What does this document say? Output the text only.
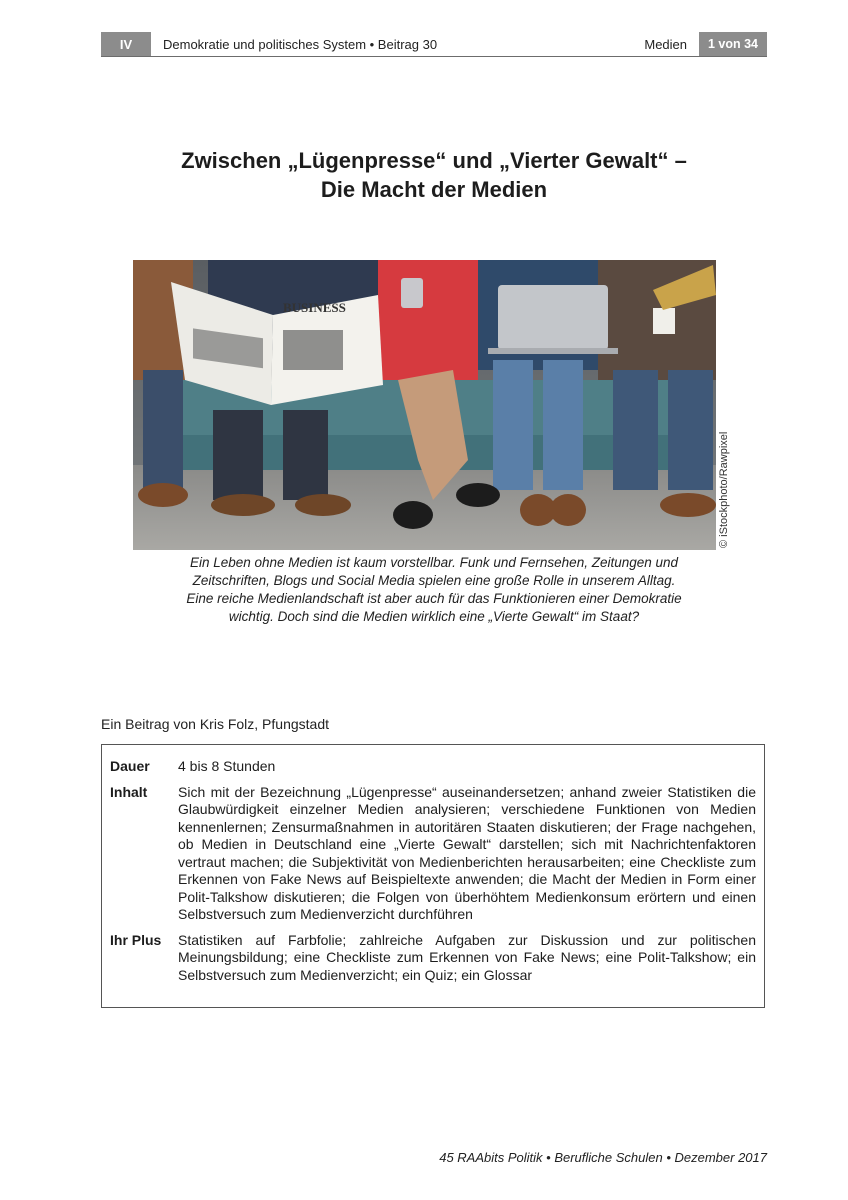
IV	Demokratie und politisches System • Beitrag 30	Medien	1 von 34
Zwischen „Lügenpresse“ und „Vierter Gewalt“ –
Die Macht der Medien
BUSINESS
© iStockphoto/Rawpixel
Ein Leben ohne Medien ist kaum vorstellbar. Funk und Fernsehen, Zeitungen und
Zeitschriften, Blogs und Social Media spielen eine große Rolle in unserem Alltag.
Eine reiche Medienlandschaft ist aber auch für das Funktionieren einer Demokratie
wichtig. Doch sind die Medien wirklich eine „Vierte Gewalt“ im Staat?
Ein Beitrag von Kris Folz, Pfungstadt
Dauer	4 bis 8 Stunden
Inhalt	Sich mit der Bezeichnung „Lügenpresse“ auseinandersetzen; anhand zweier Statistiken die Glaubwürdigkeit einzelner Medien analysieren; verschiedene Funktionen von Medien kennenlernen; Zensurmaßnahmen in autoritären Staaten diskutieren; der Frage nachgehen, ob Medien in Deutschland eine „Vierte Gewalt“ darstellen; sich mit Nachrichtenfaktoren vertraut machen; die Subjektivität von Medienberichten herausarbeiten; eine Checkliste zum Erkennen von Fake News auf Beispieltexte anwenden; die Macht der Medien in Form einer Polit-Talkshow diskutieren; die Folgen von überhöhtem Medienkonsum erörtern und einen Selbstversuch zum Medienverzicht durchführen
Ihr Plus	Statistiken auf Farbfolie; zahlreiche Aufgaben zur Diskussion und zur politischen Meinungsbildung; eine Checkliste zum Erkennen von Fake News; eine Polit-Talkshow; ein Selbstversuch zum Medienverzicht; ein Quiz; ein Glossar
45 RAAbits Politik • Berufliche Schulen • Dezember 2017
